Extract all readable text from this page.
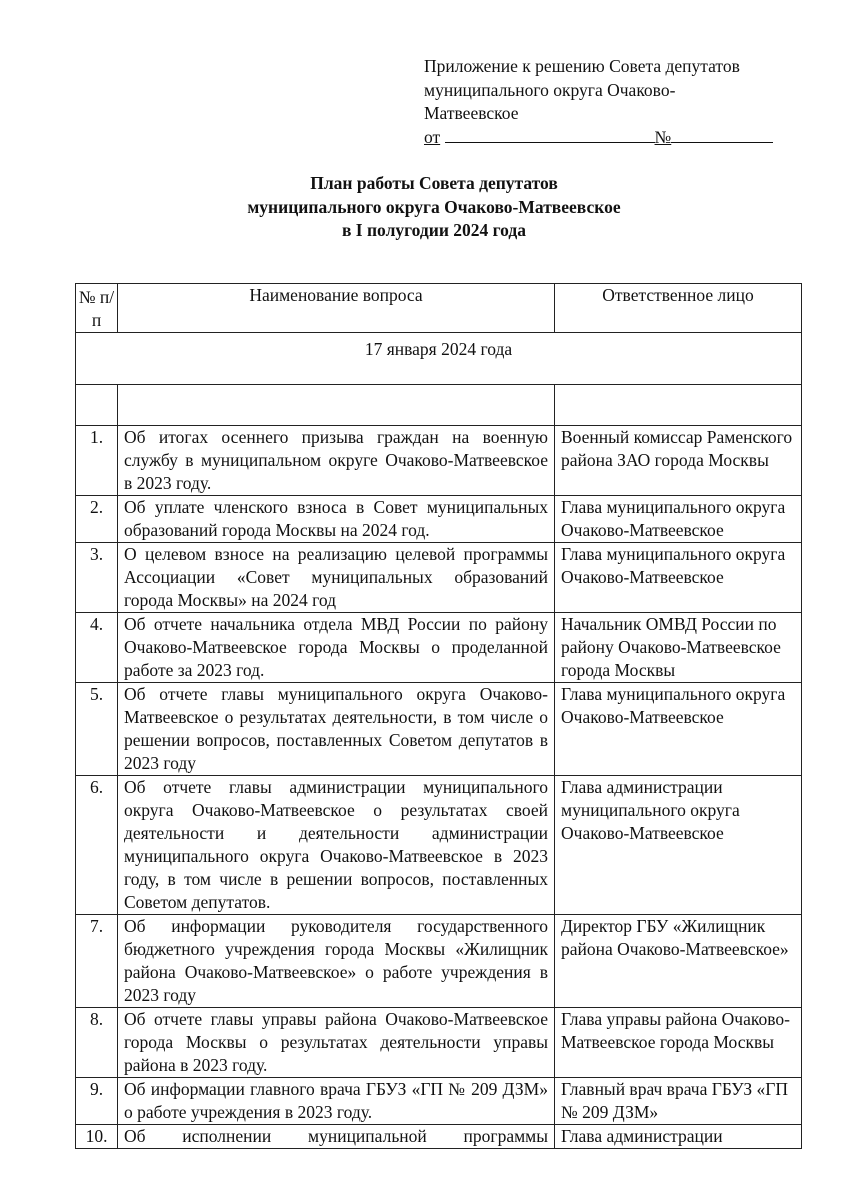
Приложение к решению Совета депутатов
муниципального округа Очаково-
Матвеевское
от	№
План работы Совета депутатов
муниципального округа Очаково-Матвеевское
в I полугодии 2024 года
№ п/п	Наименование вопроса	Ответственное лицо
17 января 2024 года		

1.	Об итогах осеннего призыва граждан на военную службу в муниципальном округе Очаково-Матвеевское в 2023 году.	Военный комиссар Раменского района ЗАО города Москвы
2.	Об уплате членского взноса в Совет муниципальных образований города Москвы на 2024 год.	Глава муниципального округа Очаково-Матвеевское
3.	О целевом взносе на реализацию целевой программы Ассоциации «Совет муниципальных образований города Москвы» на 2024 год	Глава муниципального округа Очаково-Матвеевское
4.	Об отчете начальника отдела МВД России по району Очаково-Матвеевское города Москвы о проделанной работе за 2023 год.	Начальник ОМВД России по району Очаково-Матвеевское города Москвы
5.	Об отчете главы муниципального округа Очаково-Матвеевское о результатах деятельности, в том числе о решении вопросов, поставленных Советом депутатов в 2023 году	Глава муниципального округа Очаково-Матвеевское
6.	Об отчете главы администрации муниципального округа Очаково-Матвеевское о результатах своей деятельности и деятельности администрации муниципального округа Очаково-Матвеевское в 2023 году, в том числе в решении вопросов, поставленных Советом депутатов.	Глава администрации муниципального округа Очаково-Матвеевское
7.	Об информации руководителя государственного бюджетного учреждения города Москвы «Жилищник района Очаково-Матвеевское» о работе учреждения в 2023 году	Директор ГБУ «Жилищник района Очаково-Матвеевское»
8.	Об отчете главы управы района Очаково-Матвеевское города Москвы о результатах деятельности управы района в 2023 году.	Глава управы района Очаково-Матвеевское города Москвы
9.	Об информации главного врача ГБУЗ «ГП № 209 ДЗМ» о работе учреждения в 2023 году.	Главный врач врача ГБУЗ «ГП № 209 ДЗМ»
10.	Об исполнении муниципальной программы	Глава администрации
